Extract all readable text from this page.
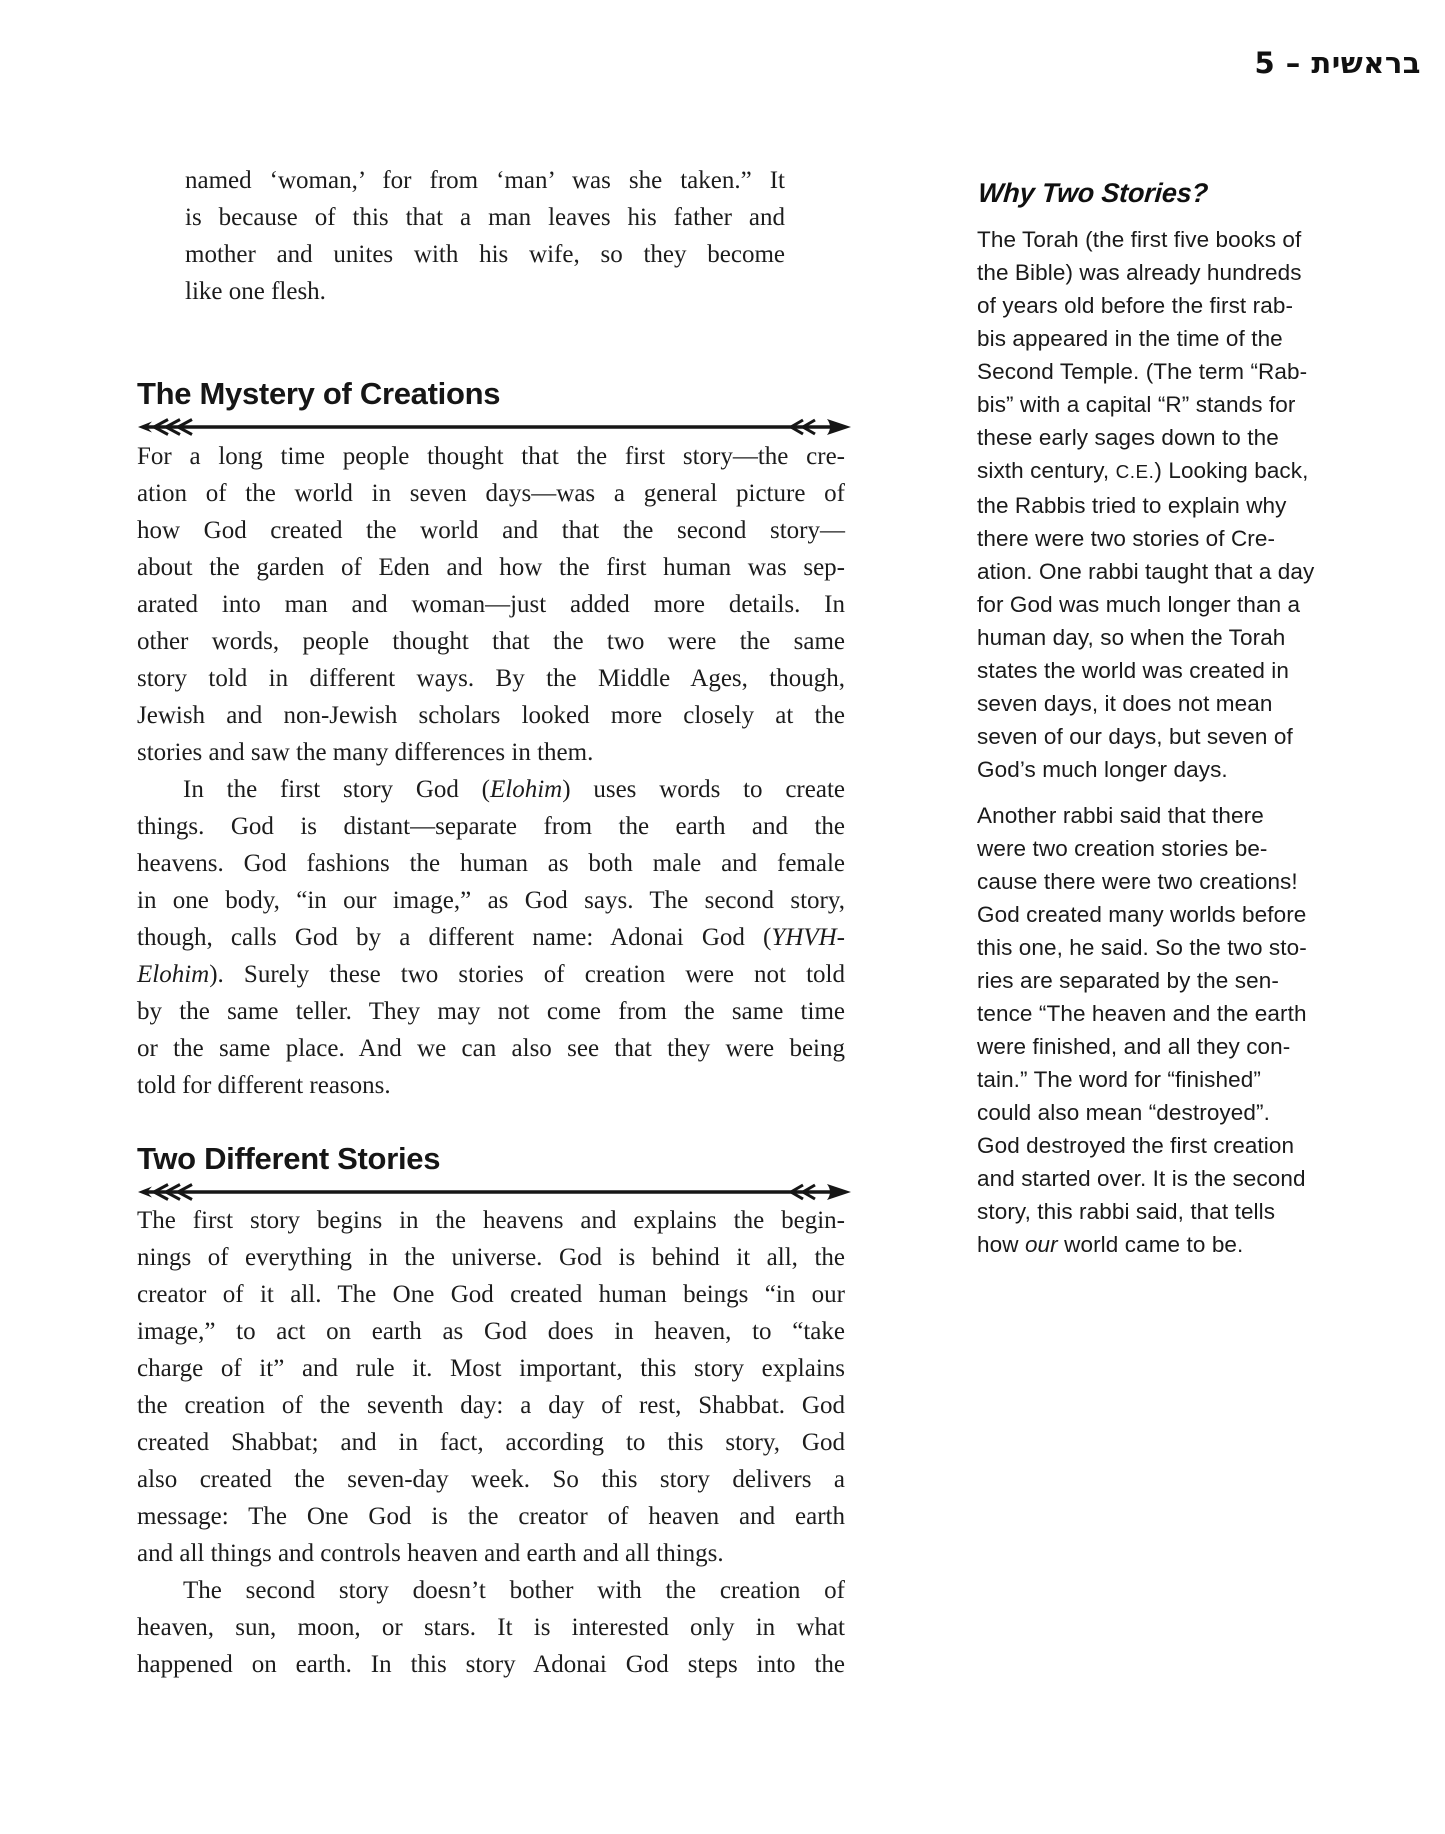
בראשית – 5
named ‘woman,’ for from ‘man’ was she taken.” It
is because of this that a man leaves his father and
mother and unites with his wife, so they become
like one flesh.
The Mystery of Creations
For a long time people thought that the first story—the cre-
ation of the world in seven days—was a general picture of
how God created the world and that the second story—
about the garden of Eden and how the first human was sep-
arated into man and woman—just added more details. In
other words, people thought that the two were the same
story told in different ways. By the Middle Ages, though,
Jewish and non-Jewish scholars looked more closely at the
stories and saw the many differences in them.
In the first story God (Elohim) uses words to create
things. God is distant—separate from the earth and the
heavens. God fashions the human as both male and female
in one body, “in our image,” as God says. The second story,
though, calls God by a different name: Adonai God (YHVH-
Elohim). Surely these two stories of creation were not told
by the same teller. They may not come from the same time
or the same place. And we can also see that they were being
told for different reasons.
Two Different Stories
The first story begins in the heavens and explains the begin-
nings of everything in the universe. God is behind it all, the
creator of it all. The One God created human beings “in our
image,” to act on earth as God does in heaven, to “take
charge of it” and rule it. Most important, this story explains
the creation of the seventh day: a day of rest, Shabbat. God
created Shabbat; and in fact, according to this story, God
also created the seven-day week. So this story delivers a
message: The One God is the creator of heaven and earth
and all things and controls heaven and earth and all things.
The second story doesn’t bother with the creation of
heaven, sun, moon, or stars. It is interested only in what
happened on earth. In this story Adonai God steps into the
Why Two Stories?
The Torah (the first five books of
the Bible) was already hundreds
of years old before the first rab-
bis appeared in the time of the
Second Temple. (The term “Rab-
bis” with a capital “R” stands for
these early sages down to the
sixth century, C.E.) Looking back,
the Rabbis tried to explain why
there were two stories of Cre-
ation. One rabbi taught that a day
for God was much longer than a
human day, so when the Torah
states the world was created in
seven days, it does not mean
seven of our days, but seven of
God’s much longer days.
Another rabbi said that there
were two creation stories be-
cause there were two creations!
God created many worlds before
this one, he said. So the two sto-
ries are separated by the sen-
tence “The heaven and the earth
were finished, and all they con-
tain.” The word for “finished”
could also mean “destroyed”.
God destroyed the first creation
and started over. It is the second
story, this rabbi said, that tells
how our world came to be.
